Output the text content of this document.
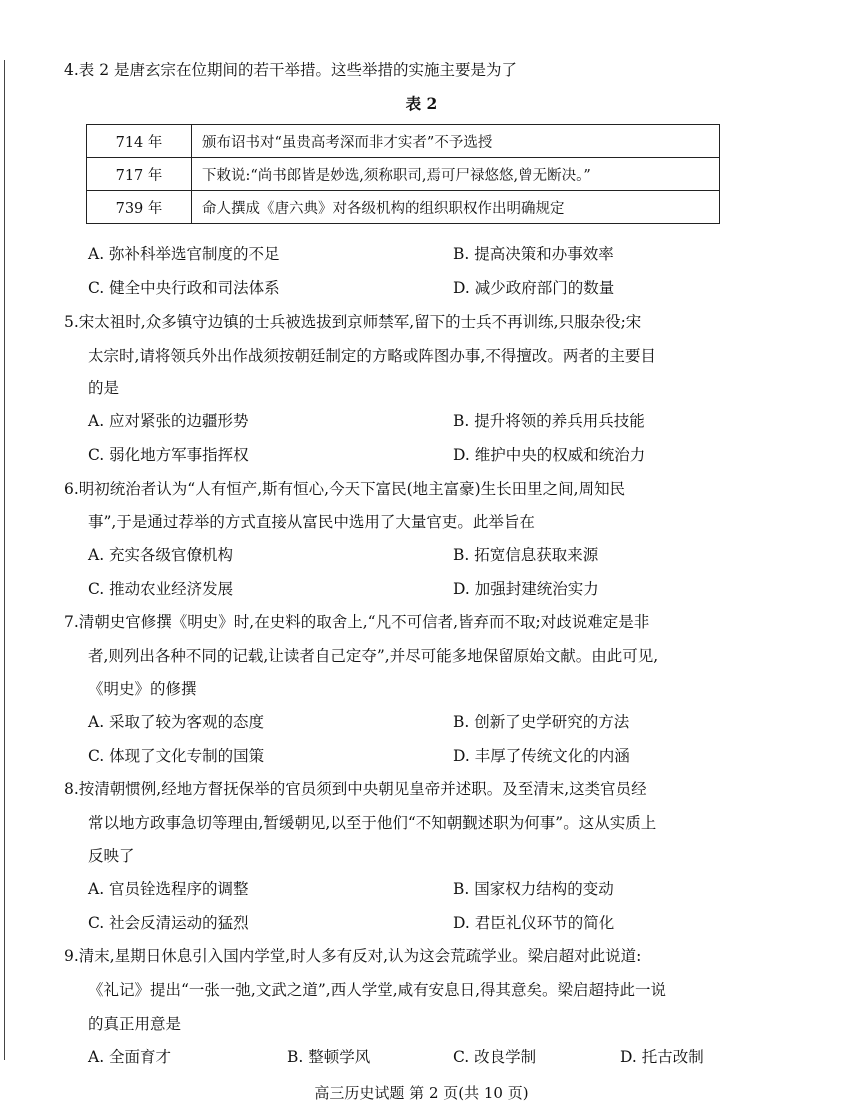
4.表 2 是唐玄宗在位期间的若干举措。这些举措的实施主要是为了
表 2
714 年	颁布诏书对“虽贵高考深而非才实者”不予选授
717 年	下敕说:“尚书郎皆是妙选,须称职司,焉可尸禄悠悠,曾无断决。”
739 年	命人撰成《唐六典》对各级机构的组织职权作出明确规定
A. 弥补科举选官制度的不足	B. 提高决策和办事效率
C. 健全中央行政和司法体系	D. 减少政府部门的数量
5.宋太祖时,众多镇守边镇的士兵被选拔到京师禁军,留下的士兵不再训练,只服杂役;宋
太宗时,请将领兵外出作战须按朝廷制定的方略或阵图办事,不得擅改。两者的主要目
的是
A. 应对紧张的边疆形势	B. 提升将领的养兵用兵技能
C. 弱化地方军事指挥权	D. 维护中央的权威和统治力
6.明初统治者认为“人有恒产,斯有恒心,今天下富民(地主富豪)生长田里之间,周知民
事”,于是通过荐举的方式直接从富民中选用了大量官吏。此举旨在
A. 充实各级官僚机构	B. 拓宽信息获取来源
C. 推动农业经济发展	D. 加强封建统治实力
7.清朝史官修撰《明史》时,在史料的取舍上,“凡不可信者,皆弃而不取;对歧说难定是非
者,则列出各种不同的记载,让读者自己定夺”,并尽可能多地保留原始文献。由此可见,
《明史》的修撰
A. 采取了较为客观的态度	B. 创新了史学研究的方法
C. 体现了文化专制的国策	D. 丰厚了传统文化的内涵
8.按清朝惯例,经地方督抚保举的官员须到中央朝见皇帝并述职。及至清末,这类官员经
常以地方政事急切等理由,暂缓朝见,以至于他们“不知朝觐述职为何事”。这从实质上
反映了
A. 官员铨选程序的调整	B. 国家权力结构的变动
C. 社会反清运动的猛烈	D. 君臣礼仪环节的简化
9.清末,星期日休息引入国内学堂,时人多有反对,认为这会荒疏学业。梁启超对此说道:
《礼记》提出“一张一弛,文武之道”,西人学堂,咸有安息日,得其意矣。梁启超持此一说
的真正用意是
A. 全面育才	B. 整顿学风	C. 改良学制	D. 托古改制
高三历史试题 第 2 页(共 10 页)
